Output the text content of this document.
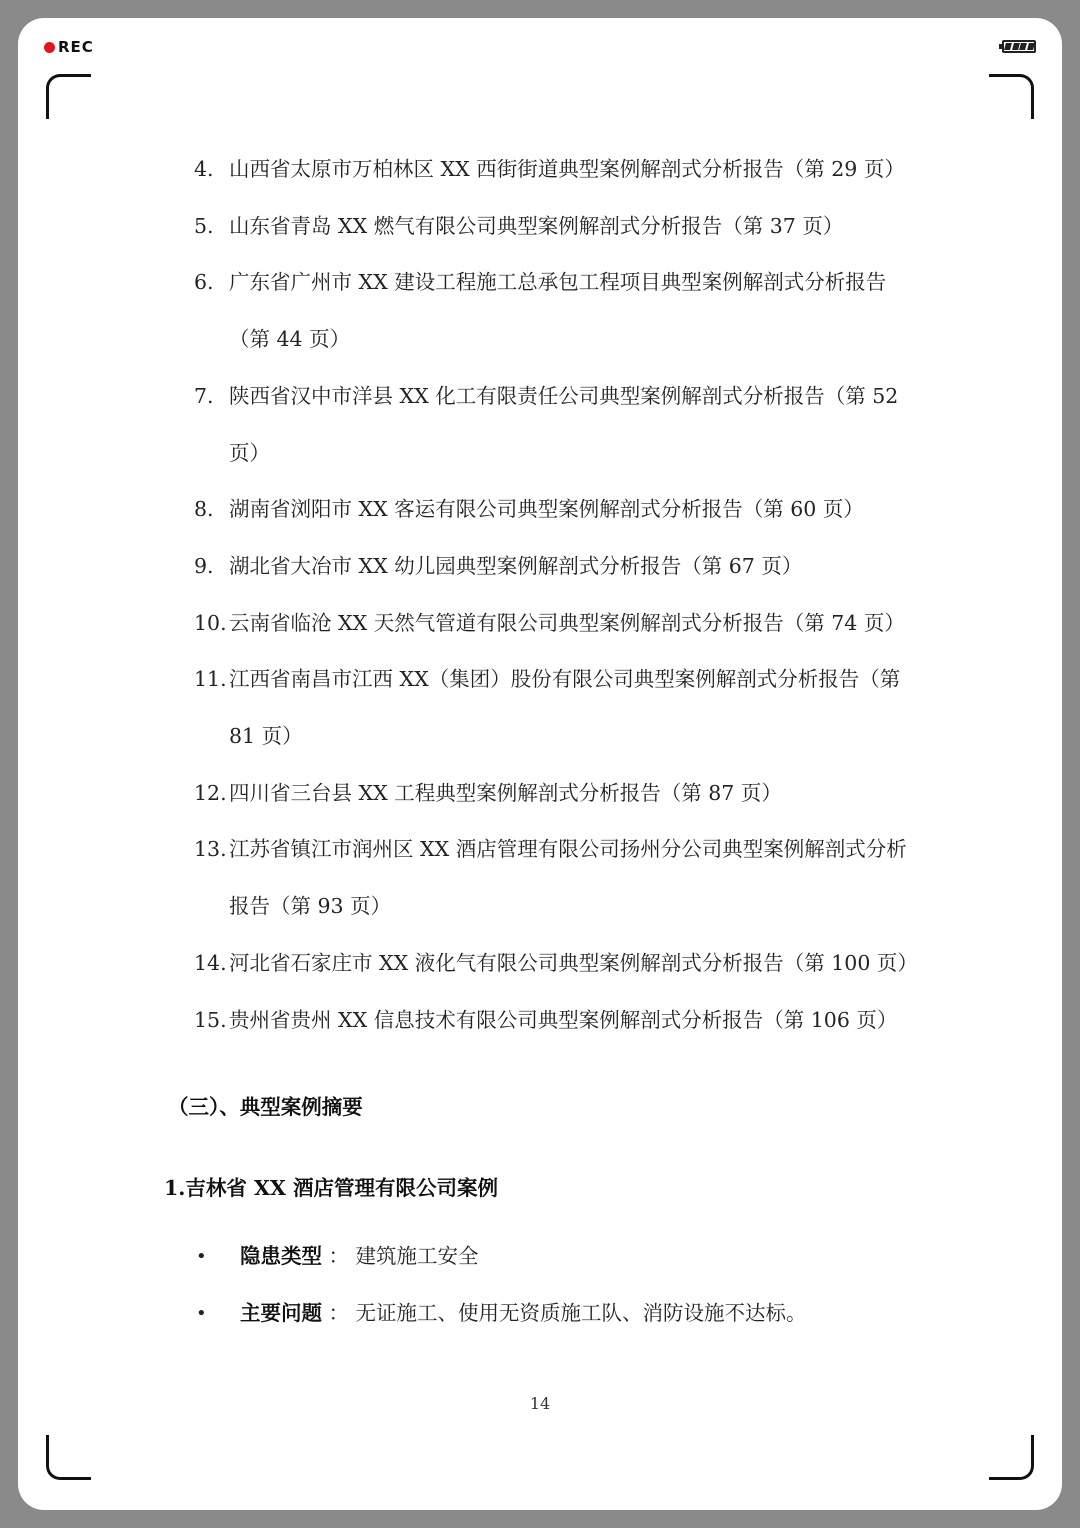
REC
4. 山西省太原市万柏林区 XX 西街街道典型案例解剖式分析报告（第 29 页）
5. 山东省青岛 XX 燃气有限公司典型案例解剖式分析报告（第 37 页）
6. 广东省广州市 XX 建设工程施工总承包工程项目典型案例解剖式分析报告（第 44 页）
7. 陕西省汉中市洋县 XX 化工有限责任公司典型案例解剖式分析报告（第 52 页）
8. 湖南省浏阳市 XX 客运有限公司典型案例解剖式分析报告（第 60 页）
9. 湖北省大冶市 XX 幼儿园典型案例解剖式分析报告（第 67 页）
10. 云南省临沧 XX 天然气管道有限公司典型案例解剖式分析报告（第 74 页）
11. 江西省南昌市江西 XX（集团）股份有限公司典型案例解剖式分析报告（第 81 页）
12. 四川省三台县 XX 工程典型案例解剖式分析报告（第 87 页）
13. 江苏省镇江市润州区 XX 酒店管理有限公司扬州分公司典型案例解剖式分析报告（第 93 页）
14. 河北省石家庄市 XX 液化气有限公司典型案例解剖式分析报告（第 100 页）
15. 贵州省贵州 XX 信息技术有限公司典型案例解剖式分析报告（第 106 页）
（三）、典型案例摘要
1.吉林省 XX 酒店管理有限公司案例
• 隐患类型 ： 建筑施工安全
• 主要问题 ： 无证施工、使用无资质施工队、消防设施不达标。
14
